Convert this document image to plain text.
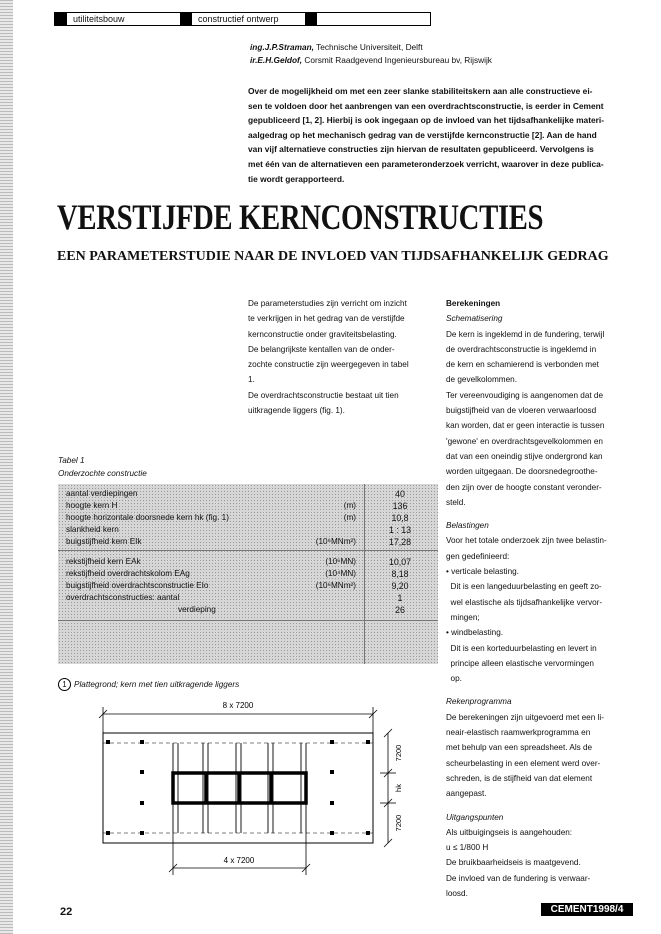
utiliteitsbouw	constructief ontwerp
ing.J.P.Straman, Technische Universiteit, Delft
ir.E.H.Geldof, Corsmit Raadgevend Ingenieursbureau bv, Rijswijk
Over de mogelijkheid om met een zeer slanke stabiliteitskern aan alle constructieve ei-
sen te voldoen door het aanbrengen van een overdrachtsconstructie, is eerder in Cement
gepubliceerd [1, 2]. Hierbij is ook ingegaan op de invloed van het tijdsafhankelijke materi-
aalgedrag op het mechanisch gedrag van de verstijfde kernconstructie [2]. Aan de hand
van vijf alternatieve constructies zijn hiervan de resultaten gepubliceerd. Vervolgens is
met één van de alternatieven een parameteronderzoek verricht, waarover in deze publica-
tie wordt gerapporteerd.
VERSTIJFDE KERNCONSTRUCTIES
EEN PARAMETERSTUDIE NAAR DE INVLOED VAN TIJDSAFHANKELIJK GEDRAG
De parameterstudies zijn verricht om inzicht
te verkrijgen in het gedrag van de verstijfde
kernconstructie onder graviteitsbelasting.
De belangrijkste kentallen van de onder-
zochte constructie zijn weergegeven in tabel
1.
De overdrachtsconstructie bestaat uit tien
uitkragende liggers (fig. 1).
Berekeningen
Schematisering
De kern is ingeklemd in de fundering, terwijl
de overdrachtsconstructie is ingeklemd in
de kern en schamierend is verbonden met
de gevelkolommen.
Ter vereenvoudiging is aangenomen dat de
buigstijfheid van de vloeren verwaarloosd
kan worden, dat er geen interactie is tussen
'gewone' en overdrachtsgevelkolommen en
dat van een oneindig stijve ondergrond kan
worden uitgegaan. De doorsnedegroothe-
den zijn over de hoogte constant veronder-
steld.
Belastingen
Voor het totale onderzoek zijn twee belastin-
gen gedefinieerd:
• verticale belasting.
Dit is een langeduurbelasting en geeft zo-
wel elastische als tijdsafhankelijke vervor-
mingen;
• windbelasting.
Dit is een korteduurbelasting en levert in
principe alleen elastische vervormingen
op.
Rekenprogramma
De berekeningen zijn uitgevoerd met een li-
neair-elastisch raamwerkprogramma en
met behulp van een spreadsheet. Als de
scheurbelasting in een element werd over-
schreden, is de stijfheid van dat element
aangepast.
Uitgangspunten
Als uitbuigingseis is aangehouden:
u ≤ 1/800 H
De bruikbaarheidseis is maatgevend.
De invloed van de fundering is verwaar-
loosd.
Tabel 1
Onderzochte constructie
aantal verdiepingen	40
hoogte kern H	(m)	136
hoogte horizontale doorsnede kern hk (fig. 1)	(m)	10,8
slankheid kern	1 : 13
buigstijfheid kern EIk	(10⁶MNm²)	17,28
rekstijfheid kern EAk	(10⁶MN)	10,07
rekstijfheid overdrachtskolom EAg	(10⁴MN)	8,18
buigstijfheid overdrachtsconstructie EIo	(10⁶MNm²)	9,20
overdrachtsconstructies: aantal	1
verdieping	26
1 Plattegrond; kern met tien uitkragende liggers
8 x 7200
7200
hk
7200
4 x 7200
22	CEMENT1998/4
